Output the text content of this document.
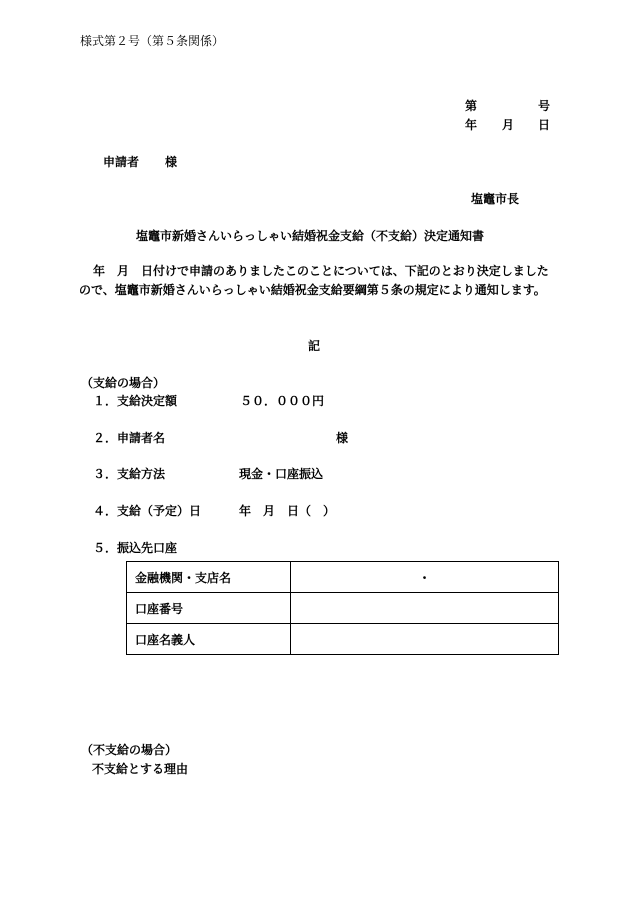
様式第２号（第５条関係）
第	号
年 月 日
申請者 様
塩竈市長
塩竈市新婚さんいらっしゃい結婚祝金支給（不支給）決定通知書
年　月　日付けで申請のありましたこのことについては、下記のとおり決定しましたので、塩竈市新婚さんいらっしゃい結婚祝金支給要綱第５条の規定により通知します。
記
（支給の場合）
１．支給決定額	５０．０００円
２．申請者名	様
３．支給方法	現金・口座振込
４．支給（予定）日	年　月　日（　）
５．振込先口座
金融機関・支店名	・
口座番号	
口座名義人	
（不支給の場合）
不支給とする理由
